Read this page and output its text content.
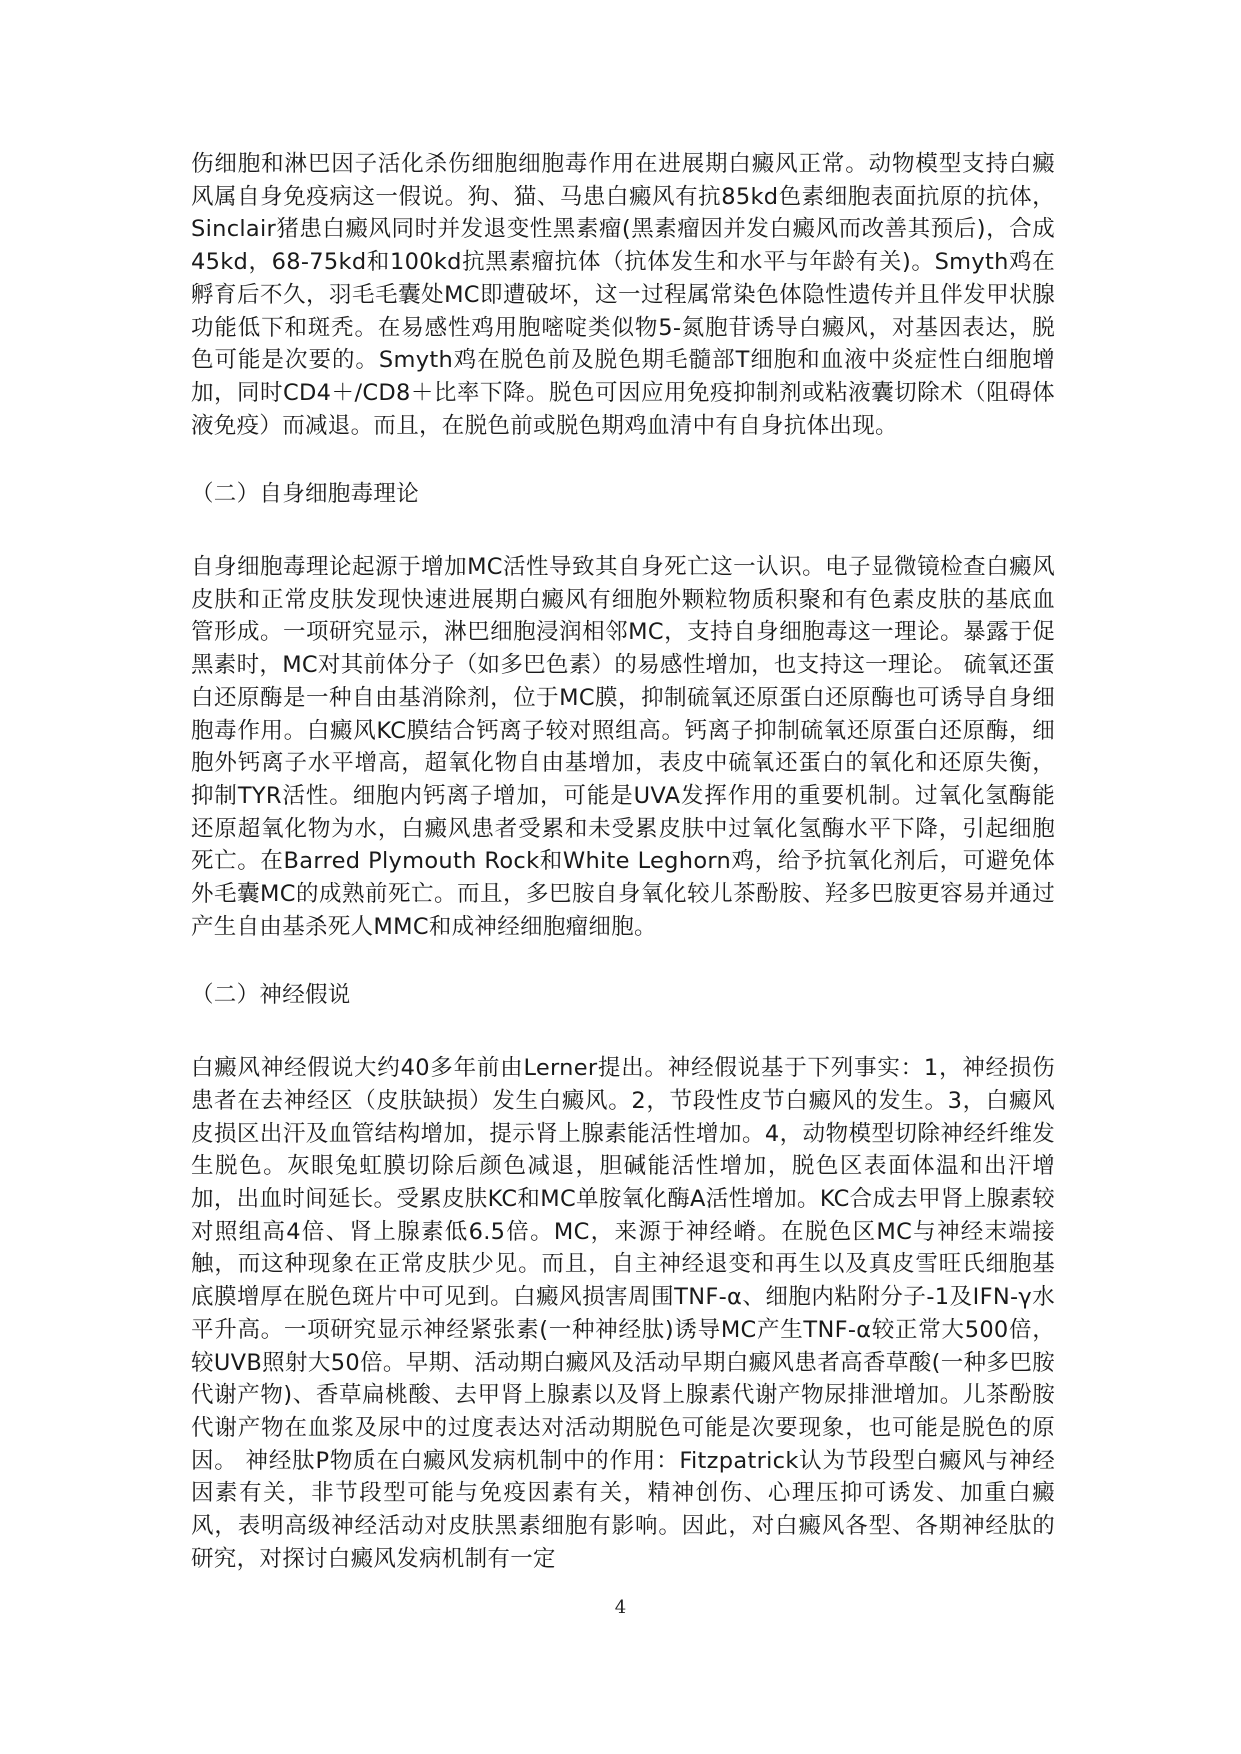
伤细胞和淋巴因子活化杀伤细胞细胞毒作用在进展期白癜风正常。动物模型支持白癜风属自身免疫病这一假说。狗、猫、马患白癜风有抗85kd色素细胞表面抗原的抗体，Sinclair猪患白癜风同时并发退变性黑素瘤(黑素瘤因并发白癜风而改善其预后)，合成45kd，68-75kd和100kd抗黑素瘤抗体（抗体发生和水平与年龄有关)。Smyth鸡在孵育后不久，羽毛毛囊处MC即遭破坏，这一过程属常染色体隐性遗传并且伴发甲状腺功能低下和斑秃。在易感性鸡用胞嘧啶类似物5-氮胞苷诱导白癜风，对基因表达，脱色可能是次要的。Smyth鸡在脱色前及脱色期毛髓部T细胞和血液中炎症性白细胞增加，同时CD4＋/CD8＋比率下降。脱色可因应用免疫抑制剂或粘液囊切除术（阻碍体液免疫）而减退。而且，在脱色前或脱色期鸡血清中有自身抗体出现。

（二）自身细胞毒理论

自身细胞毒理论起源于增加MC活性导致其自身死亡这一认识。电子显微镜检查白癜风皮肤和正常皮肤发现快速进展期白癜风有细胞外颗粒物质积聚和有色素皮肤的基底血管形成。一项研究显示，淋巴细胞浸润相邻MC，支持自身细胞毒这一理论。暴露于促黑素时，MC对其前体分子（如多巴色素）的易感性增加，也支持这一理论。 硫氧还蛋白还原酶是一种自由基消除剂，位于MC膜，抑制硫氧还原蛋白还原酶也可诱导自身细胞毒作用。白癜风KC膜结合钙离子较对照组高。钙离子抑制硫氧还原蛋白还原酶，细胞外钙离子水平增高，超氧化物自由基增加，表皮中硫氧还蛋白的氧化和还原失衡，抑制TYR活性。细胞内钙离子增加，可能是UVA发挥作用的重要机制。过氧化氢酶能还原超氧化物为水，白癜风患者受累和未受累皮肤中过氧化氢酶水平下降，引起细胞死亡。在Barred Plymouth Rock和White Leghorn鸡，给予抗氧化剂后，可避免体外毛囊MC的成熟前死亡。而且，多巴胺自身氧化较儿茶酚胺、羟多巴胺更容易并通过产生自由基杀死人MMC和成神经细胞瘤细胞。

（二）神经假说

白癜风神经假说大约40多年前由Lerner提出。神经假说基于下列事实：1，神经损伤患者在去神经区（皮肤缺损）发生白癜风。2，节段性皮节白癜风的发生。3，白癜风皮损区出汗及血管结构增加，提示肾上腺素能活性增加。4，动物模型切除神经纤维发生脱色。灰眼兔虹膜切除后颜色减退，胆碱能活性增加，脱色区表面体温和出汗增加，出血时间延长。受累皮肤KC和MC单胺氧化酶A活性增加。KC合成去甲肾上腺素较对照组高4倍、肾上腺素低6.5倍。MC，来源于神经嵴。在脱色区MC与神经末端接触，而这种现象在正常皮肤少见。而且，自主神经退变和再生以及真皮雪旺氏细胞基底膜增厚在脱色斑片中可见到。白癜风损害周围TNF-α、细胞内粘附分子-1及IFN-γ水平升高。一项研究显示神经紧张素(一种神经肽)诱导MC产生TNF-α较正常大500倍，较UVB照射大50倍。早期、活动期白癜风及活动早期白癜风患者高香草酸(一种多巴胺代谢产物)、香草扁桃酸、去甲肾上腺素以及肾上腺素代谢产物尿排泄增加。儿茶酚胺代谢产物在血浆及尿中的过度表达对活动期脱色可能是次要现象，也可能是脱色的原因。 神经肽P物质在白癜风发病机制中的作用：Fitzpatrick认为节段型白癜风与神经因素有关，非节段型可能与免疫因素有关，精神创伤、心理压抑可诱发、加重白癜风，表明高级神经活动对皮肤黑素细胞有影响。因此，对白癜风各型、各期神经肽的研究，对探讨白癜风发病机制有一定

4
